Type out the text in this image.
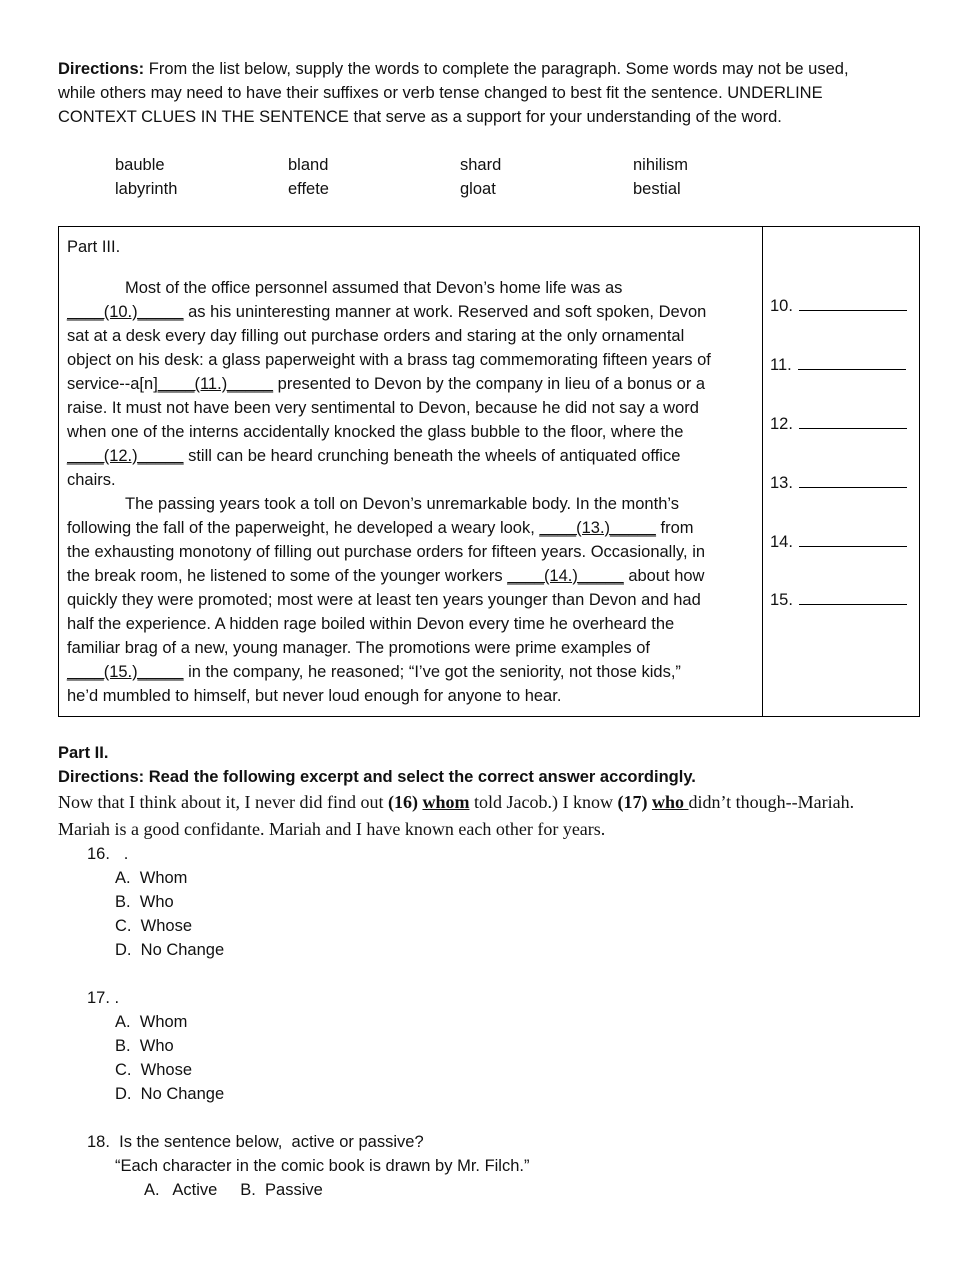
Directions: From the list below, supply the words to complete the paragraph. Some words may not be used,
while others may need to have their suffixes or verb tense changed to best fit the sentence. UNDERLINE
CONTEXT CLUES IN THE SENTENCE that serve as a support for your understanding of the word.
bauble	bland	shard	nihilism
labyrinth	effete	gloat	bestial
Part III.
Most of the office personnel assumed that Devon’s home life was as
____(10.)_____ as his uninteresting manner at work. Reserved and soft spoken, Devon
sat at a desk every day filling out purchase orders and staring at the only ornamental
object on his desk: a glass paperweight with a brass tag commemorating fifteen years of
service--a[n]____(11.)_____ presented to Devon by the company in lieu of a bonus or a
raise. It must not have been very sentimental to Devon, because he did not say a word
when one of the interns accidentally knocked the glass bubble to the floor, where the
____(12.)_____ still can be heard crunching beneath the wheels of antiquated office
chairs.
The passing years took a toll on Devon’s unremarkable body. In the month’s
following the fall of the paperweight, he developed a weary look, ____(13.)_____ from
the exhausting monotony of filling out purchase orders for fifteen years. Occasionally, in
the break room, he listened to some of the younger workers ____(14.)_____ about how
quickly they were promoted; most were at least ten years younger than Devon and had
half the experience. A hidden rage boiled within Devon every time he overheard the
familiar brag of a new, young manager. The promotions were prime examples of
____(15.)_____ in the company, he reasoned; “I’ve got the seniority, not those kids,”
he’d mumbled to himself, but never loud enough for anyone to hear.
10.
11.
12.
13.
14.
15.
Part II.
Directions: Read the following excerpt and select the correct answer accordingly.
Now that I think about it, I never did find out (16) whom told Jacob.) I know (17) who didn’t though--Mariah.
Mariah is a good confidante. Mariah and I have known each other for years.
16.   .
A.  Whom
B.  Who
C.  Whose
D.  No Change
17. .
A.  Whom
B.  Who
C.  Whose
D.  No Change
18.  Is the sentence below,  active or passive?
“Each character in the comic book is drawn by Mr. Filch.”
A.   Active     B.  Passive
